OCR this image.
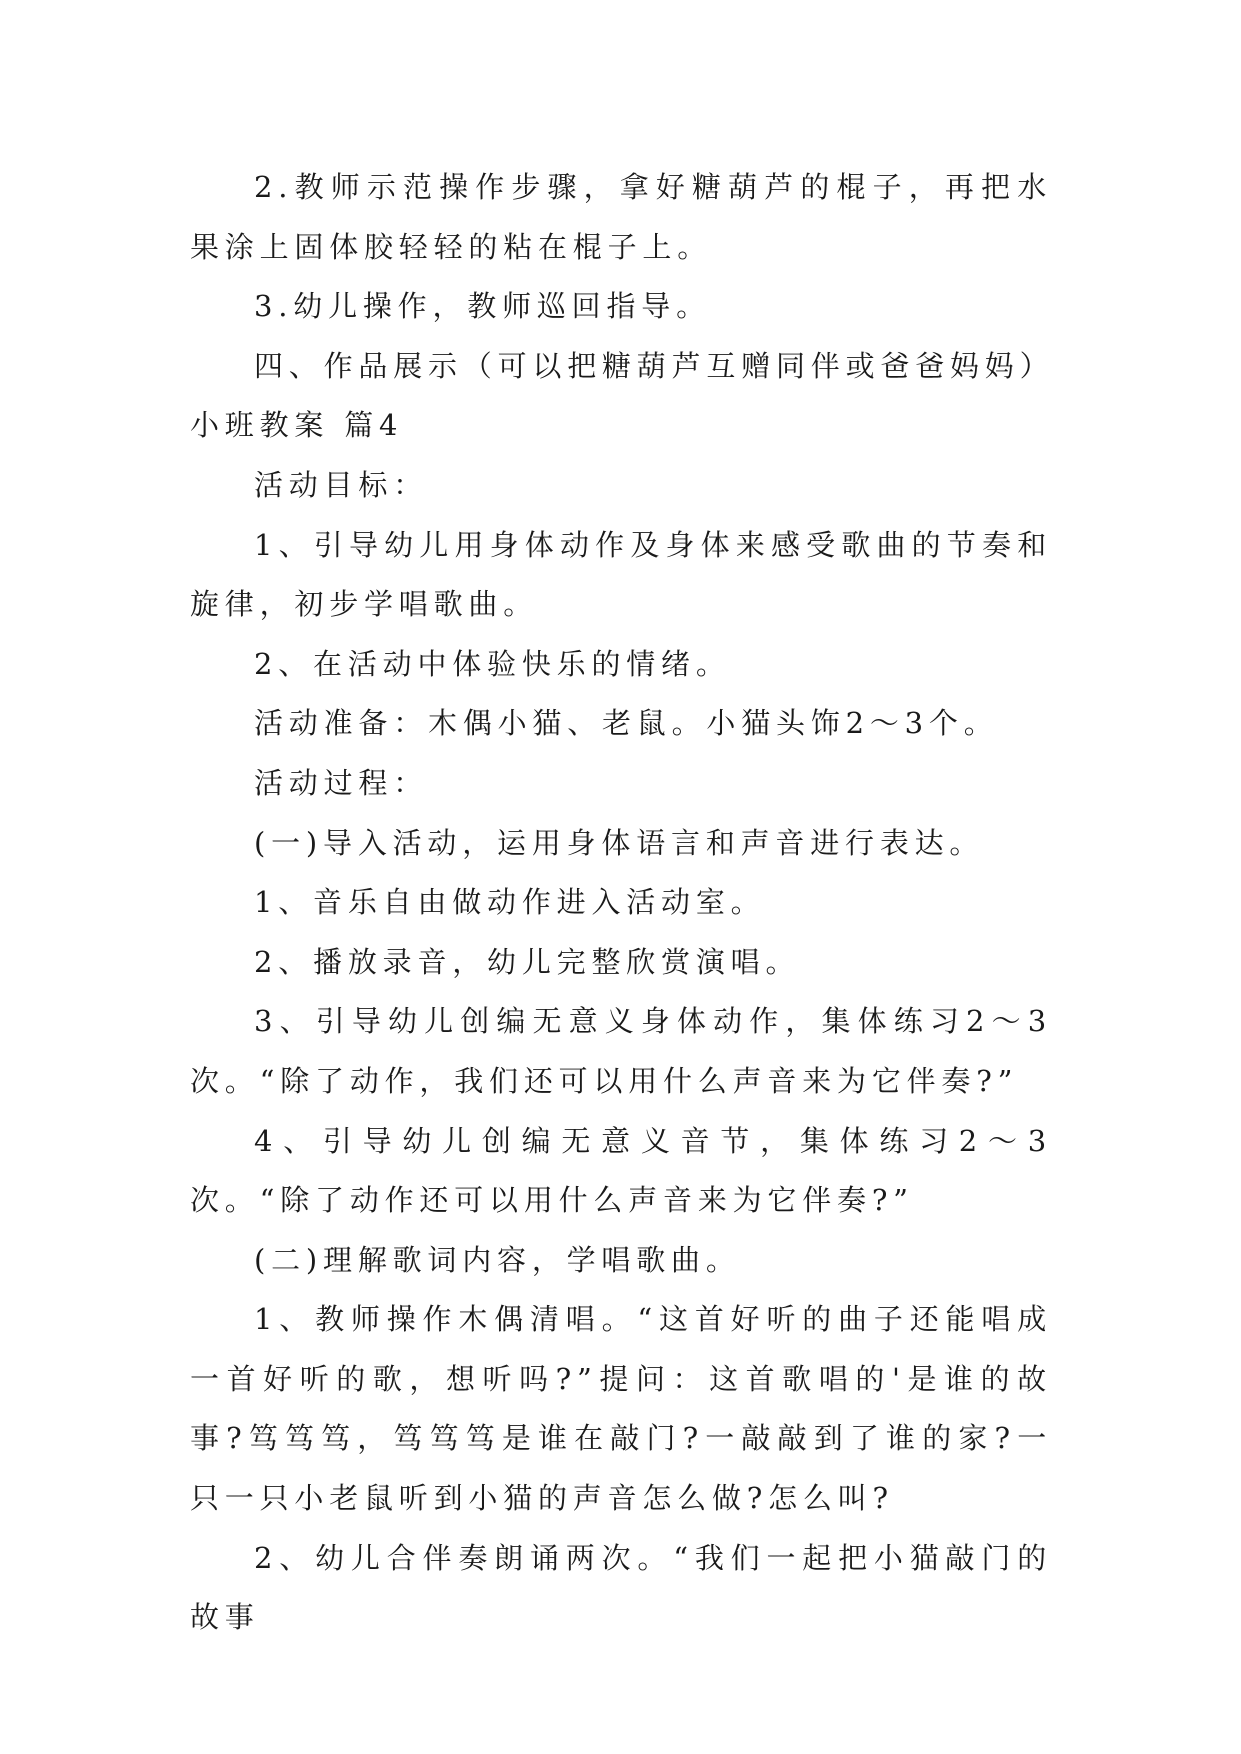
2.教师示范操作步骤，拿好糖葫芦的棍子，再把水果涂上固体胶轻轻的粘在棍子上。

3.幼儿操作，教师巡回指导。

四、作品展示（可以把糖葫芦互赠同伴或爸爸妈妈）

小班教案 篇4

活动目标：

1、引导幼儿用身体动作及身体来感受歌曲的节奏和旋律，初步学唱歌曲。

2、在活动中体验快乐的情绪。

活动准备：木偶小猫、老鼠。小猫头饰2～3个。

活动过程：

(一)导入活动，运用身体语言和声音进行表达。

1、音乐自由做动作进入活动室。

2、播放录音，幼儿完整欣赏演唱。

3、引导幼儿创编无意义身体动作，集体练习2～3次。“除了动作，我们还可以用什么声音来为它伴奏?”

4、引导幼儿创编无意义音节，集体练习2～3次。“除了动作还可以用什么声音来为它伴奏?”

(二)理解歌词内容，学唱歌曲。

1、教师操作木偶清唱。“这首好听的曲子还能唱成一首好听的歌，想听吗?”提问：这首歌唱的'是谁的故事?笃笃笃，笃笃笃是谁在敲门?一敲敲到了谁的家?一只一只小老鼠听到小猫的声音怎么做?怎么叫?

2、幼儿合伴奏朗诵两次。“我们一起把小猫敲门的故事
